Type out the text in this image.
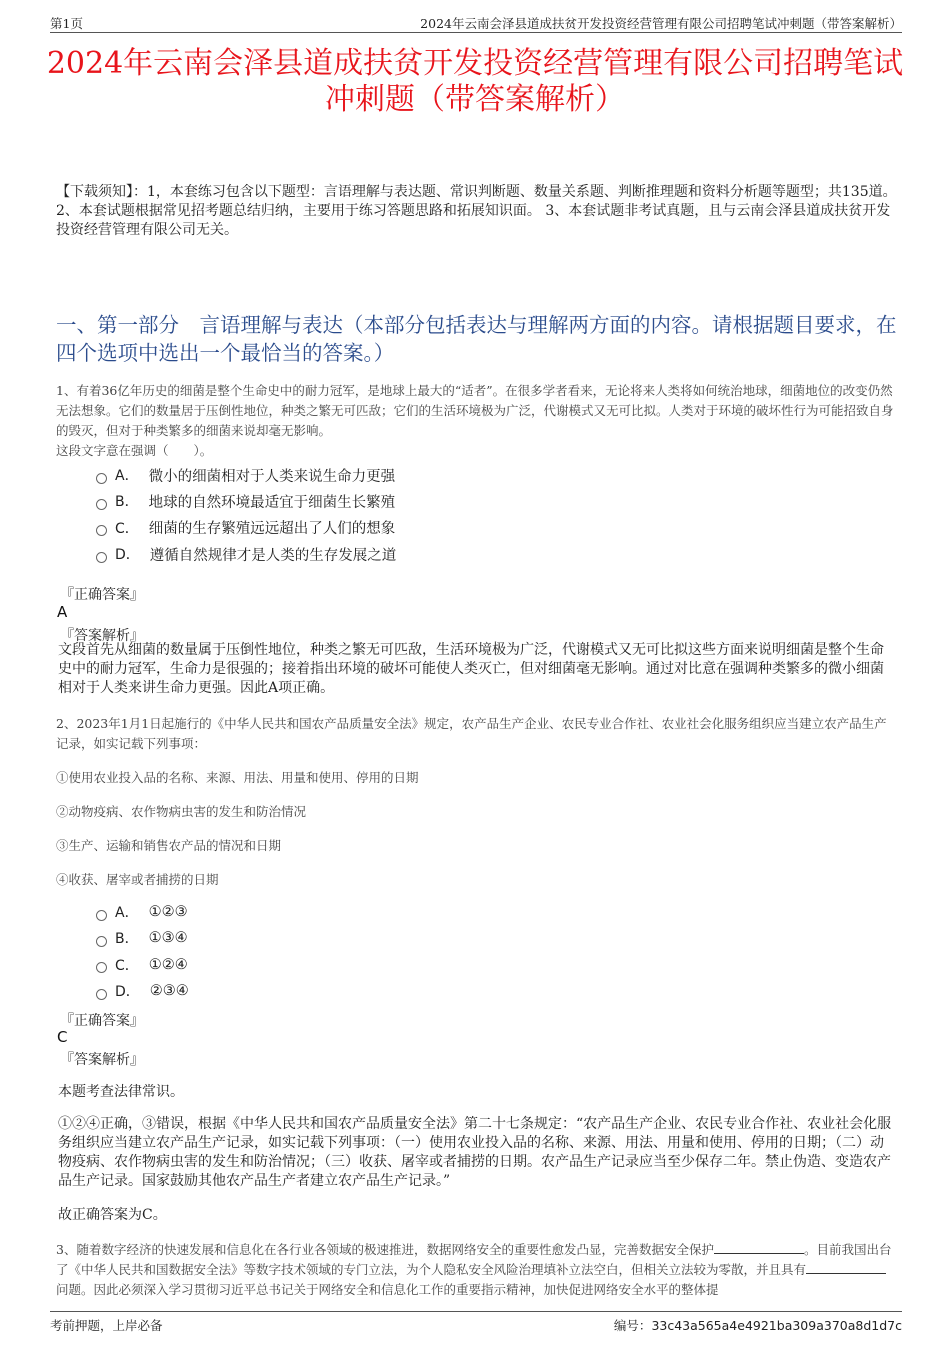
第1页	2024年云南会泽县道成扶贫开发投资经营管理有限公司招聘笔试冲刺题（带答案解析）
2024年云南会泽县道成扶贫开发投资经营管理有限公司招聘笔试冲刺题（带答案解析）
【下载须知】：1，本套练习包含以下题型：言语理解与表达题、常识判断题、数量关系题、判断推理题和资料分析题等题型；共135道。 2、本套试题根据常见招考题总结归纳，主要用于练习答题思路和拓展知识面。 3、本套试题非考试真题，且与云南会泽县道成扶贫开发投资经营管理有限公司无关。
一、第一部分　言语理解与表达（本部分包括表达与理解两方面的内容。请根据题目要求，在四个选项中选出一个最恰当的答案。）
1、有着36亿年历史的细菌是整个生命史中的耐力冠军，是地球上最大的“适者”。在很多学者看来，无论将来人类将如何统治地球，细菌地位的改变仍然无法想象。它们的数量居于压倒性地位，种类之繁无可匹敌；它们的生活环境极为广泛，代谢模式又无可比拟。人类对于环境的破坏性行为可能招致自身的毁灭，但对于种类繁多的细菌来说却毫无影响。
这段文字意在强调（　　）。
A． 微小的细菌相对于人类来说生命力更强
B． 地球的自然环境最适宜于细菌生长繁殖
C． 细菌的生存繁殖远远超出了人们的想象
D． 遵循自然规律才是人类的生存发展之道
『正确答案』
A
『答案解析』
文段首先从细菌的数量属于压倒性地位，种类之繁无可匹敌，生活环境极为广泛，代谢模式又无可比拟这些方面来说明细菌是整个生命史中的耐力冠军，生命力是很强的；接着指出环境的破坏可能使人类灭亡，但对细菌毫无影响。通过对比意在强调种类繁多的微小细菌相对于人类来讲生命力更强。因此A项正确。
2、2023年1月1日起施行的《中华人民共和国农产品质量安全法》规定，农产品生产企业、农民专业合作社、农业社会化服务组织应当建立农产品生产记录，如实记载下列事项：
①使用农业投入品的名称、来源、用法、用量和使用、停用的日期
②动物疫病、农作物病虫害的发生和防治情况
③生产、运输和销售农产品的情况和日期
④收获、屠宰或者捕捞的日期
A． ①②③
B． ①③④
C． ①②④
D． ②③④
『正确答案』
C
『答案解析』
本题考查法律常识。
①②④正确，③错误，根据《中华人民共和国农产品质量安全法》第二十七条规定：“农产品生产企业、农民专业合作社、农业社会化服务组织应当建立农产品生产记录，如实记载下列事项：（一）使用农业投入品的名称、来源、用法、用量和使用、停用的日期；（二）动物疫病、农作物病虫害的发生和防治情况；（三）收获、屠宰或者捕捞的日期。农产品生产记录应当至少保存二年。禁止伪造、变造农产品生产记录。国家鼓励其他农产品生产者建立农产品生产记录。”
故正确答案为C。
3、随着数字经济的快速发展和信息化在各行业各领域的极速推进，数据网络安全的重要性愈发凸显，完善数据安全保护	。目前我国出台了《中华人民共和国数据安全法》等数字技术领域的专门立法，为个人隐私安全风险治理填补立法空白，但相关立法较为零散，并且具有问题。因此必须深入学习贯彻习近平总书记关于网络安全和信息化工作的重要指示精神，加快促进网络安全水平的整体提
考前押题，上岸必备	编号：33c43a565a4e4921ba309a370a8d1d7c
